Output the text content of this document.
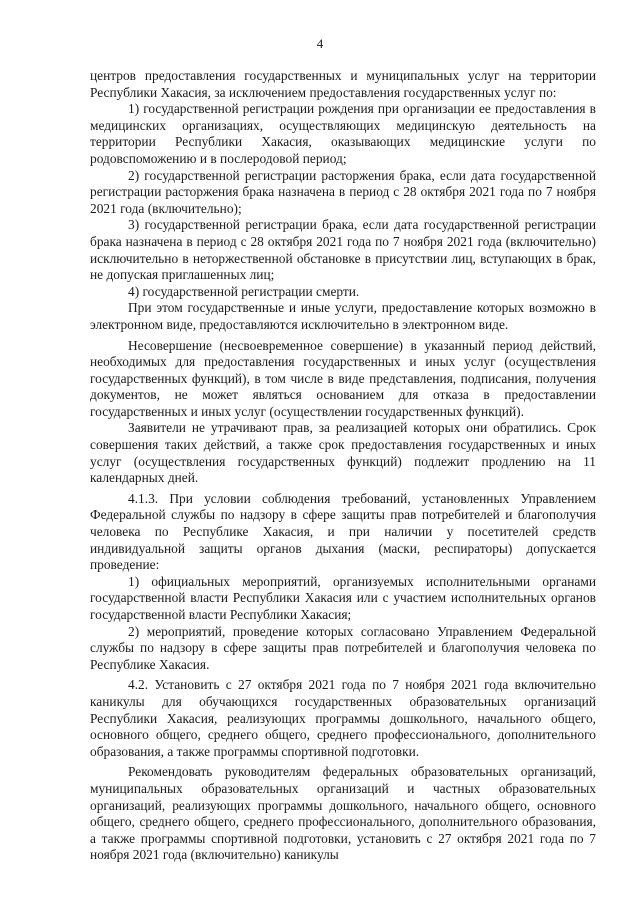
4

центров предоставления государственных и муниципальных услуг на территории Республики Хакасия, за исключением предоставления государственных услуг по:

1) государственной регистрации рождения при организации ее предоставления в медицинских организациях, осуществляющих медицинскую деятельность на территории Республики Хакасия, оказывающих медицинские услуги по родовспоможению и в послеродовой период;

2) государственной регистрации расторжения брака, если дата государственной регистрации расторжения брака назначена в период с 28 октября 2021 года по 7 ноября 2021 года (включительно);

3) государственной регистрации брака, если дата государственной регистрации брака назначена в период с 28 октября 2021 года по 7 ноября 2021 года (включительно) исключительно в неторжественной обстановке в присутствии лиц, вступающих в брак, не допуская приглашенных лиц;

4) государственной регистрации смерти.

При этом государственные и иные услуги, предоставление которых возможно в электронном виде, предоставляются исключительно в электронном виде.

Несовершение (несвоевременное совершение) в указанный период действий, необходимых для предоставления государственных и иных услуг (осуществления государственных функций), в том числе в виде представления, подписания, получения документов, не может являться основанием для отказа в предоставлении государственных и иных услуг (осуществлении государственных функций).

Заявители не утрачивают прав, за реализацией которых они обратились. Срок совершения таких действий, а также срок предоставления государственных и иных услуг (осуществления государственных функций) подлежит продлению на 11 календарных дней.

4.1.3. При условии соблюдения требований, установленных Управлением Федеральной службы по надзору в сфере защиты прав потребителей и благополучия человека по Республике Хакасия, и при наличии у посетителей средств индивидуальной защиты органов дыхания (маски, респираторы) допускается проведение:

1) официальных мероприятий, организуемых исполнительными органами государственной власти Республики Хакасия или с участием исполнительных органов государственной власти Республики Хакасия;

2) мероприятий, проведение которых согласовано Управлением Федеральной службы по надзору в сфере защиты прав потребителей и благополучия человека по Республике Хакасия.

4.2. Установить с 27 октября 2021 года по 7 ноября 2021 года включительно каникулы для обучающихся государственных образовательных организаций Республики Хакасия, реализующих программы дошкольного, начального общего, основного общего, среднего общего, среднего профессионального, дополнительного образования, а также программы спортивной подготовки.

Рекомендовать руководителям федеральных образовательных организаций, муниципальных образовательных организаций и частных образовательных организаций, реализующих программы дошкольного, начального общего, основного общего, среднего общего, среднего профессионального, дополнительного образования, а также программы спортивной подготовки, установить с 27 октября 2021 года по 7 ноября 2021 года (включительно) каникулы
